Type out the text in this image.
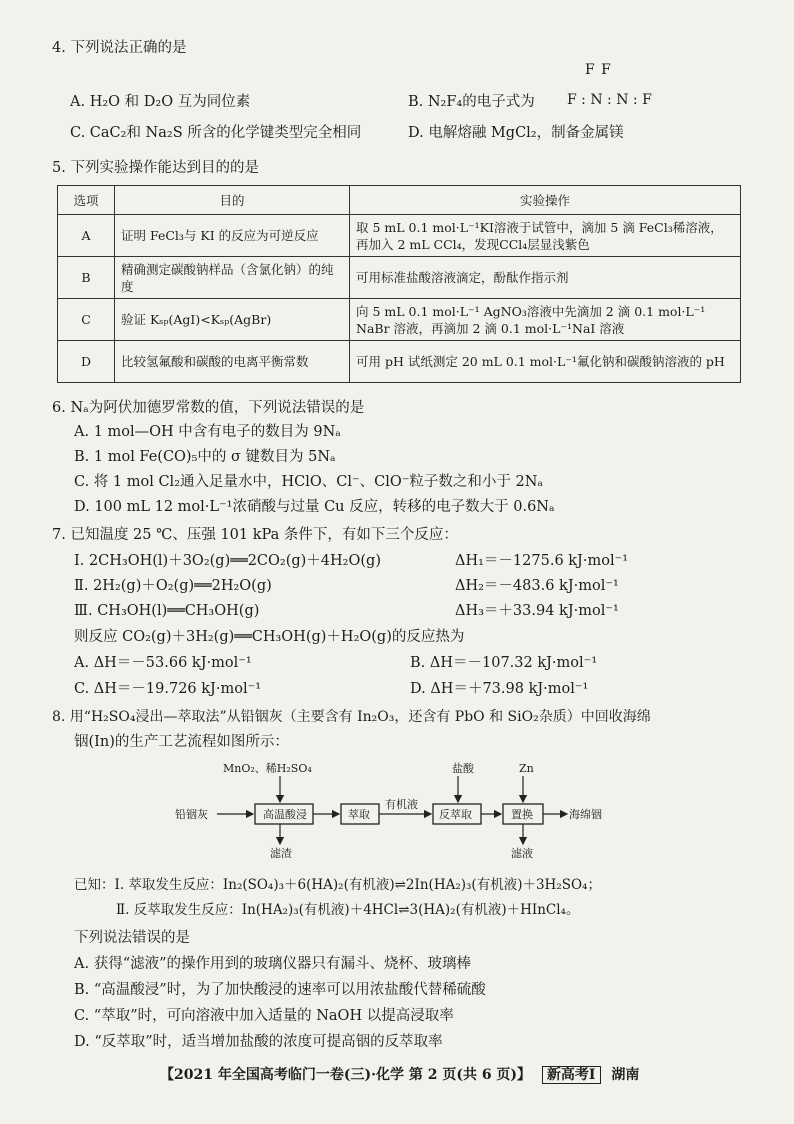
4. 下列说法正确的是
A. H₂O 和 D₂O 互为同位素	B. N₂F₄的电子式为
F F
F : N : N : F
C. CaC₂和 Na₂S 所含的化学键类型完全相同	D. 电解熔融 MgCl₂，制备金属镁
5. 下列实验操作能达到目的的是
选项	目的	实验操作
A	证明 FeCl₃与 KI 的反应为可逆反应	取 5 mL 0.1 mol·L⁻¹KI溶液于试管中，滴加 5 滴 FeCl₃稀溶液，再加入 2 mL CCl₄，发现CCl₄层显浅紫色
B	精确测定碳酸钠样品（含氯化钠）的纯度	可用标准盐酸溶液滴定，酚酞作指示剂
C	验证 Kₛₚ(AgI)<Kₛₚ(AgBr)	向 5 mL 0.1 mol·L⁻¹ AgNO₃溶液中先滴加 2 滴 0.1 mol·L⁻¹ NaBr 溶液，再滴加 2 滴 0.1 mol·L⁻¹NaI 溶液
D	比较氢氟酸和碳酸的电离平衡常数	可用 pH 试纸测定 20 mL 0.1 mol·L⁻¹氟化钠和碳酸钠溶液的 pH
6. Nₐ为阿伏加德罗常数的值，下列说法错误的是
A. 1 mol—OH 中含有电子的数目为 9Nₐ
B. 1 mol Fe(CO)₅中的 σ 键数目为 5Nₐ
C. 将 1 mol Cl₂通入足量水中，HClO、Cl⁻、ClO⁻粒子数之和小于 2Nₐ
D. 100 mL 12 mol·L⁻¹浓硝酸与过量 Cu 反应，转移的电子数大于 0.6Nₐ
7. 已知温度 25 ℃、压强 101 kPa 条件下，有如下三个反应：
Ⅰ. 2CH₃OH(l)＋3O₂(g)══2CO₂(g)＋4H₂O(g)	ΔH₁＝－1275.6 kJ·mol⁻¹
Ⅱ. 2H₂(g)＋O₂(g)══2H₂O(g)	ΔH₂＝－483.6 kJ·mol⁻¹
Ⅲ. CH₃OH(l)══CH₃OH(g)	ΔH₃＝＋33.94 kJ·mol⁻¹
则反应 CO₂(g)＋3H₂(g)══CH₃OH(g)＋H₂O(g)的反应热为
A. ΔH＝－53.66 kJ·mol⁻¹	B. ΔH＝－107.32 kJ·mol⁻¹
C. ΔH＝－19.726 kJ·mol⁻¹	D. ΔH＝＋73.98 kJ·mol⁻¹
8. 用“H₂SO₄浸出—萃取法”从铅铟灰（主要含有 In₂O₃，还含有 PbO 和 SiO₂杂质）中回收海绵
铟(In)的生产工艺流程如图所示：
MnO₂、稀H₂SO₄	盐酸	Zn
铅铟灰	高温酸浸	萃取
有机液
反萃取	置换	海绵铟
滤渣	滤液
已知：Ⅰ. 萃取发生反应：In₂(SO₄)₃＋6(HA)₂(有机液)⇌2In(HA₂)₃(有机液)＋3H₂SO₄；
Ⅱ. 反萃取发生反应：In(HA₂)₃(有机液)＋4HCl⇌3(HA)₂(有机液)＋HInCl₄。
下列说法错误的是
A. 获得“滤液”的操作用到的玻璃仪器只有漏斗、烧杯、玻璃棒
B. “高温酸浸”时，为了加快酸浸的速率可以用浓盐酸代替稀硫酸
C. “萃取”时，可向溶液中加入适量的 NaOH 以提高浸取率
D. “反萃取”时，适当增加盐酸的浓度可提高铟的反萃取率
【2021 年全国高考临门一卷(三)·化学 第 2 页(共 6 页)】 新高考Ⅰ 湖南
